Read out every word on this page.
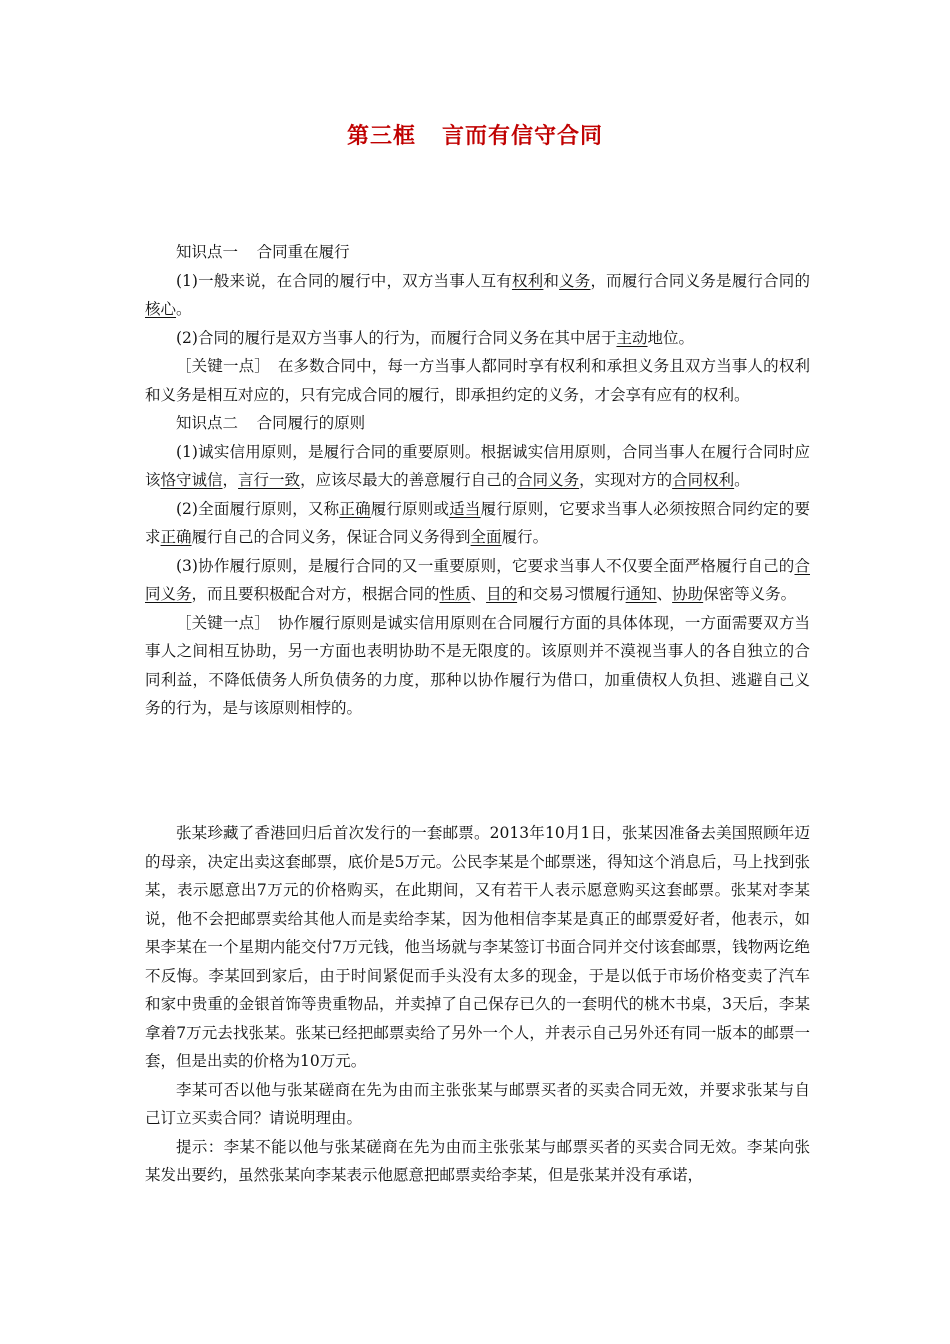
第三框 言而有信守合同

知识点一 合同重在履行

(1)一般来说，在合同的履行中，双方当事人互有权利和义务，而履行合同义务是履行合同的核心。

(2)合同的履行是双方当事人的行为，而履行合同义务在其中居于主动地位。

［关键一点］　在多数合同中，每一方当事人都同时享有权利和承担义务且双方当事人的权利和义务是相互对应的，只有完成合同的履行，即承担约定的义务，才会享有应有的权利。

知识点二 合同履行的原则

(1)诚实信用原则，是履行合同的重要原则。根据诚实信用原则，合同当事人在履行合同时应该恪守诚信，言行一致，应该尽最大的善意履行自己的合同义务，实现对方的合同权利。

(2)全面履行原则，又称正确履行原则或适当履行原则，它要求当事人必须按照合同约定的要求正确履行自己的合同义务，保证合同义务得到全面履行。

(3)协作履行原则，是履行合同的又一重要原则，它要求当事人不仅要全面严格履行自己的合同义务，而且要积极配合对方，根据合同的性质、目的和交易习惯履行通知、协助保密等义务。

［关键一点］　协作履行原则是诚实信用原则在合同履行方面的具体体现，一方面需要双方当事人之间相互协助，另一方面也表明协助不是无限度的。该原则并不漠视当事人的各自独立的合同利益，不降低债务人所负债务的力度，那种以协作履行为借口，加重债权人负担、逃避自己义务的行为，是与该原则相悖的。

张某珍藏了香港回归后首次发行的一套邮票。2013年10月1日，张某因准备去美国照顾年迈的母亲，决定出卖这套邮票，底价是5万元。公民李某是个邮票迷，得知这个消息后，马上找到张某，表示愿意出7万元的价格购买，在此期间，又有若干人表示愿意购买这套邮票。张某对李某说，他不会把邮票卖给其他人而是卖给李某，因为他相信李某是真正的邮票爱好者，他表示，如果李某在一个星期内能交付7万元钱，他当场就与李某签订书面合同并交付该套邮票，钱物两讫绝不反悔。李某回到家后，由于时间紧促而手头没有太多的现金，于是以低于市场价格变卖了汽车和家中贵重的金银首饰等贵重物品，并卖掉了自己保存已久的一套明代的桃木书桌，3天后，李某拿着7万元去找张某。张某已经把邮票卖给了另外一个人，并表示自己另外还有同一版本的邮票一套，但是出卖的价格为10万元。

李某可否以他与张某磋商在先为由而主张张某与邮票买者的买卖合同无效，并要求张某与自己订立买卖合同？请说明理由。

提示：李某不能以他与张某磋商在先为由而主张张某与邮票买者的买卖合同无效。李某向张某发出要约，虽然张某向李某表示他愿意把邮票卖给李某，但是张某并没有承诺，
